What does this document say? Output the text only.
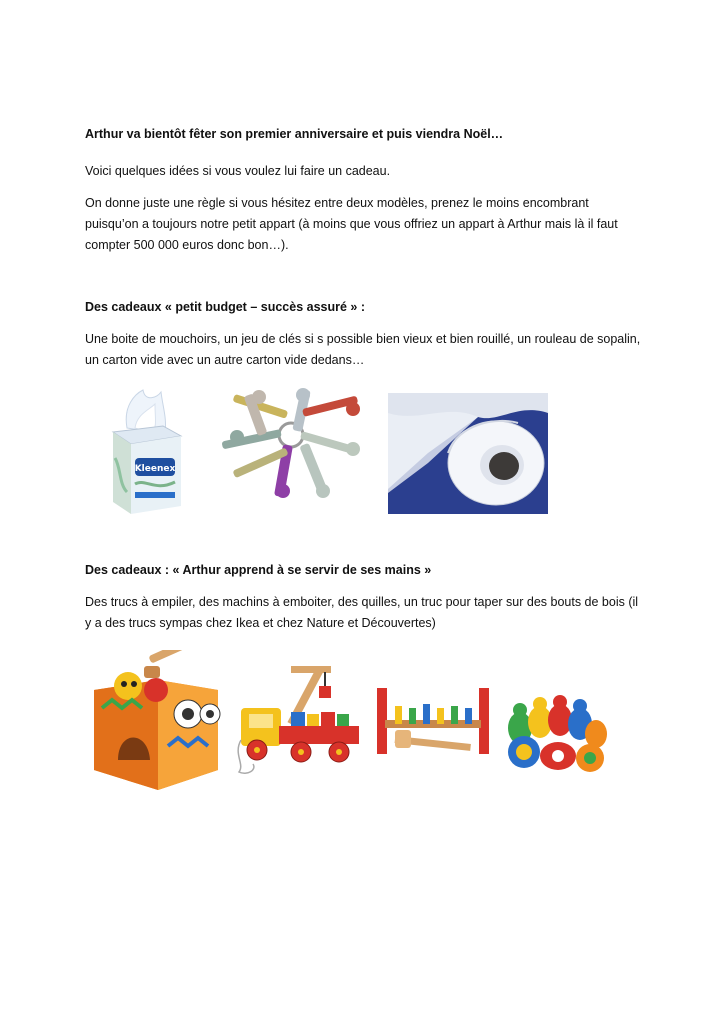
Arthur va bientôt fêter son premier anniversaire et puis viendra Noël…

Voici quelques idées si vous voulez lui faire un cadeau.

On donne juste une règle si vous hésitez entre deux modèles, prenez le moins encombrant puisqu’on a toujours notre petit appart (à moins que vous offriez un appart à Arthur mais là il faut compter 500 000 euros donc bon…).

Des cadeaux « petit budget – succès assuré » :

Une boite de mouchoirs, un jeu de clés si s possible bien vieux et bien rouillé, un rouleau de sopalin, un carton vide avec un autre carton vide dedans…

Kleenex

Des cadeaux : « Arthur apprend à se servir de ses mains »

Des trucs à empiler, des machins à emboiter, des quilles, un truc pour taper sur des bouts de bois (il y a des trucs sympas chez Ikea et chez Nature et Découvertes)
